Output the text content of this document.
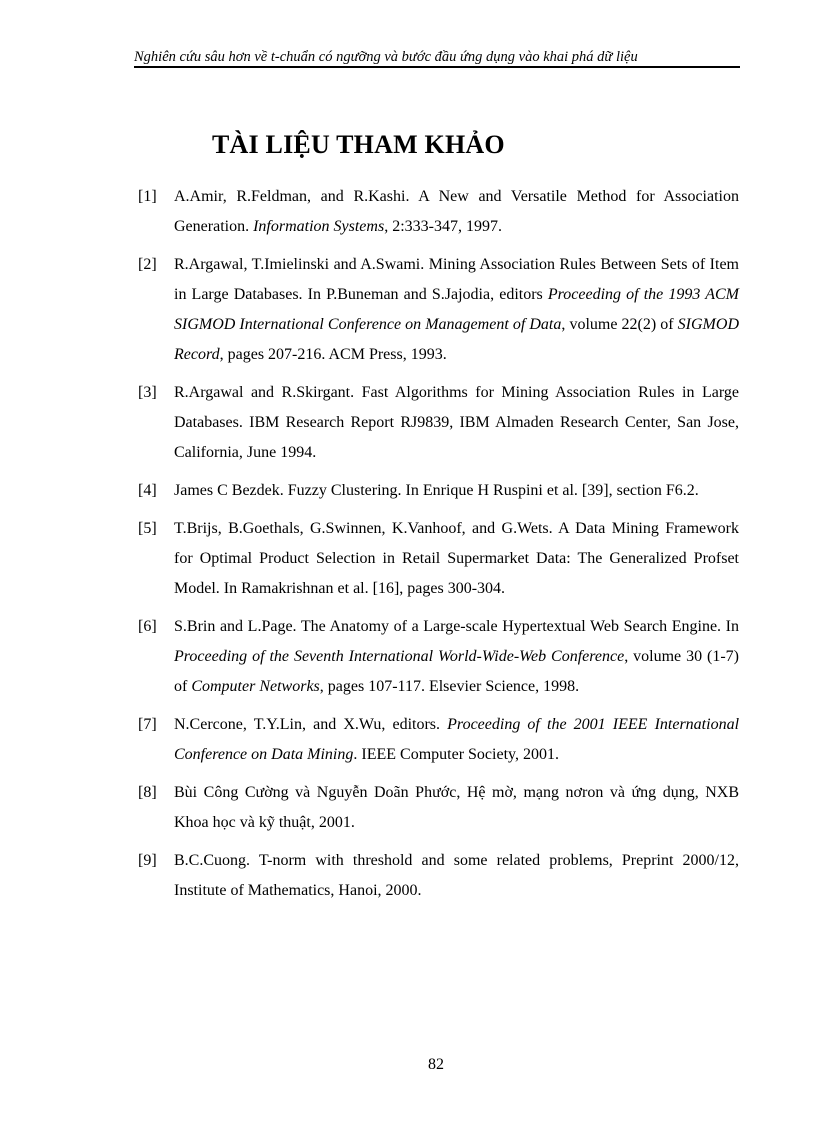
Nghiên cứu sâu hơn về t-chuẩn có ngưỡng và bước đầu ứng dụng vào khai phá dữ liệu
TÀI LIỆU THAM KHẢO
[1] A.Amir, R.Feldman, and R.Kashi. A New and Versatile Method for Association Generation. Information Systems, 2:333-347, 1997.
[2] R.Argawal, T.Imielinski and A.Swami. Mining Association Rules Between Sets of Item in Large Databases. In P.Buneman and S.Jajodia, editors Proceeding of the 1993 ACM SIGMOD International Conference on Management of Data, volume 22(2) of SIGMOD Record, pages 207-216. ACM Press, 1993.
[3] R.Argawal and R.Skirgant. Fast Algorithms for Mining Association Rules in Large Databases. IBM Research Report RJ9839, IBM Almaden Research Center, San Jose, California, June 1994.
[4] James C Bezdek. Fuzzy Clustering. In Enrique H Ruspini et al. [39], section F6.2.
[5] T.Brijs, B.Goethals, G.Swinnen, K.Vanhoof, and G.Wets. A Data Mining Framework for Optimal Product Selection in Retail Supermarket Data: The Generalized Profset Model. In Ramakrishnan et al. [16], pages 300-304.
[6] S.Brin and L.Page. The Anatomy of a Large-scale Hypertextual Web Search Engine. In Proceeding of the Seventh International World-Wide-Web Conference, volume 30 (1-7) of Computer Networks, pages 107-117. Elsevier Science, 1998.
[7] N.Cercone, T.Y.Lin, and X.Wu, editors. Proceeding of the 2001 IEEE International Conference on Data Mining. IEEE Computer Society, 2001.
[8] Bùi Công Cường và Nguyễn Doãn Phước, Hệ mờ, mạng nơron và ứng dụng, NXB Khoa học và kỹ thuật, 2001.
[9] B.C.Cuong. T-norm with threshold and some related problems, Preprint 2000/12, Institute of Mathematics, Hanoi, 2000.
82
